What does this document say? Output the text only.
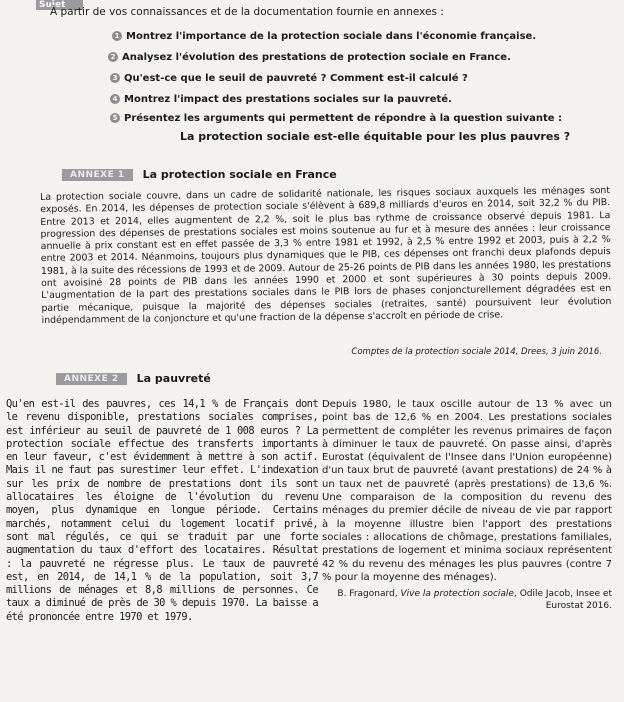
Sujet
À partir de vos connaissances et de la documentation fournie en annexes :
1 Montrez l'importance de la protection sociale dans l'économie française.
2 Analysez l'évolution des prestations de protection sociale en France.
3 Qu'est-ce que le seuil de pauvreté ? Comment est-il calculé ?
4 Montrez l'impact des prestations sociales sur la pauvreté.
5 Présentez les arguments qui permettent de répondre à la question suivante :
La protection sociale est-elle équitable pour les plus pauvres ?
ANNEXE 1	La protection sociale en France
La protection sociale couvre, dans un cadre de solidarité nationale, les risques sociaux auxquels les ménages sont exposés. En 2014, les dépenses de protection sociale s'élèvent à 689,8 milliards d'euros en 2014, soit 32,2 % du PIB. Entre 2013 et 2014, elles augmentent de 2,2 %, soit le plus bas rythme de croissance observé depuis 1981. La progression des dépenses de prestations sociales est moins soutenue au fur et à mesure des années : leur croissance annuelle à prix constant est en effet passée de 3,3 % entre 1981 et 1992, à 2,5 % entre 1992 et 2003, puis à 2,2 % entre 2003 et 2014. Néanmoins, toujours plus dynamiques que le PIB, ces dépenses ont franchi deux plafonds depuis 1981, à la suite des récessions de 1993 et de 2009. Autour de 25-26 points de PIB dans les années 1980, les prestations ont avoisiné 28 points de PIB dans les années 1990 et 2000 et sont supérieures à 30 points depuis 2009. L'augmentation de la part des prestations sociales dans le PIB lors de phases conjoncturellement dégradées est en partie mécanique, puisque la majorité des dépenses sociales (retraites, santé) poursuivent leur évolution indépendamment de la conjoncture et qu'une fraction de la dépense s'accroît en période de crise.
Comptes de la protection sociale 2014, Drees, 3 juin 2016.
ANNEXE 2	La pauvreté
Qu'en est-il des pauvres, ces 14,1 % de Français dont le revenu disponible, prestations sociales comprises, est inférieur au seuil de pauvreté de 1 008 euros ? La protection sociale effectue des transferts importants en leur faveur, c'est évidemment à mettre à son actif. Mais il ne faut pas surestimer leur effet. L'indexation sur les prix de nombre de prestations dont ils sont allocataires les éloigne de l'évolution du revenu moyen, plus dynamique en longue période. Certains marchés, notamment celui du logement locatif privé, sont mal régulés, ce qui se traduit par une forte augmentation du taux d'effort des locataires. Résultat : la pauvreté ne régresse plus. Le taux de pauvreté est, en 2014, de 14,1 % de la population, soit 3,7 millions de ménages et 8,8 millions de personnes. Ce taux a diminué de près de 30 % depuis 1970. La baisse a été prononcée entre 1970 et 1979.
Depuis 1980, le taux oscille autour de 13 % avec un point bas de 12,6 % en 2004. Les prestations sociales permettent de compléter les revenus primaires de façon à diminuer le taux de pauvreté. On passe ainsi, d'après Eurostat (équivalent de l'Insee dans l'Union européenne) d'un taux brut de pauvreté (avant prestations) de 24 % à un taux net de pauvreté (après prestations) de 13,6 %. Une comparaison de la composition du revenu des ménages du premier décile de niveau de vie par rapport à la moyenne illustre bien l'apport des prestations sociales : allocations de chômage, prestations familiales, prestations de logement et minima sociaux représentent 42 % du revenu des ménages les plus pauvres (contre 7 % pour la moyenne des ménages).
B. Fragonard, Vive la protection sociale, Odile Jacob, Insee et Eurostat 2016.
